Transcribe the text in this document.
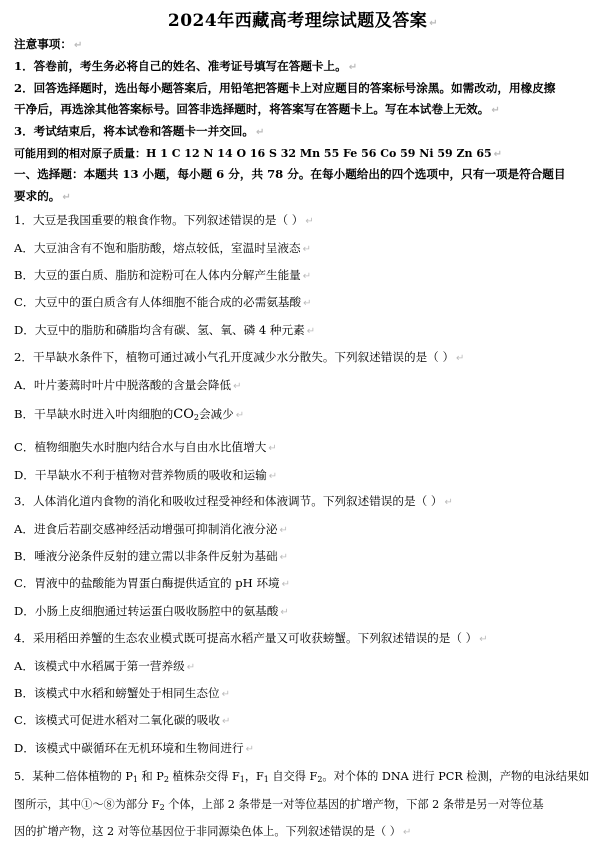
2024年西藏高考理综试题及答案 ↵
注意事项： ↵
1．答卷前，考生务必将自己的姓名、准考证号填写在答题卡上。 ↵
2．回答选择题时，选出每小题答案后，用铅笔把答题卡上对应题目的答案标号涂黑。如需改动，用橡皮擦
干净后，再选涂其他答案标号。回答非选择题时，将答案写在答题卡上。写在本试卷上无效。 ↵
3．考试结束后，将本试卷和答题卡一并交回。 ↵
可能用到的相对原子质量：H 1 C 12 N 14 O 16 S 32 Mn 55 Fe 56 Co 59 Ni 59 Zn 65 ↵
一、选择题：本题共 13 小题，每小题 6 分，共 78 分。在每小题给出的四个选项中，只有一项是符合题目
要求的。 ↵
1．大豆是我国重要的粮食作物。下列叙述错误的是（ ） ↵
A．大豆油含有不饱和脂肪酸，熔点较低，室温时呈液态 ↵
B．大豆的蛋白质、脂肪和淀粉可在人体内分解产生能量 ↵
C．大豆中的蛋白质含有人体细胞不能合成的必需氨基酸 ↵
D．大豆中的脂肪和磷脂均含有碳、氢、氧、磷 4 种元素 ↵
2．干旱缺水条件下，植物可通过减小气孔开度减少水分散失。下列叙述错误的是（ ） ↵
A．叶片萎蔫时叶片中脱落酸的含量会降低 ↵
B．干旱缺水时进入叶肉细胞的$CO_2$会减少 ↵
C．植物细胞失水时胞内结合水与自由水比值增大 ↵
D．干旱缺水不利于植物对营养物质的吸收和运输 ↵
3．人体消化道内食物的消化和吸收过程受神经和体液调节。下列叙述错误的是（ ） ↵
A．进食后若副交感神经活动增强可抑制消化液分泌 ↵
B．唾液分泌条件反射的建立需以非条件反射为基础 ↵
C．胃液中的盐酸能为胃蛋白酶提供适宜的 pH 环境 ↵
D．小肠上皮细胞通过转运蛋白吸收肠腔中的氨基酸 ↵
4．采用稻田养蟹的生态农业模式既可提高水稻产量又可收获螃蟹。下列叙述错误的是（ ） ↵
A．该模式中水稻属于第一营养级 ↵
B．该模式中水稻和螃蟹处于相同生态位 ↵
C．该模式可促进水稻对二氧化碳的吸收 ↵
D．该模式中碳循环在无机环境和生物间进行 ↵
5．某种二倍体植物的 $P_1$ 和 $P_2$ 植株杂交得 $F_1$，$F_1$ 自交得 $F_2$。对个体的 DNA 进行 PCR 检测，产物的电泳结果如
图所示，其中①～⑧为部分 $F_2$ 个体，上部 2 条带是一对等位基因的扩增产物，下部 2 条带是另一对等位基
因的扩增产物，这 2 对等位基因位于非同源染色体上。下列叙述错误的是（ ） ↵
